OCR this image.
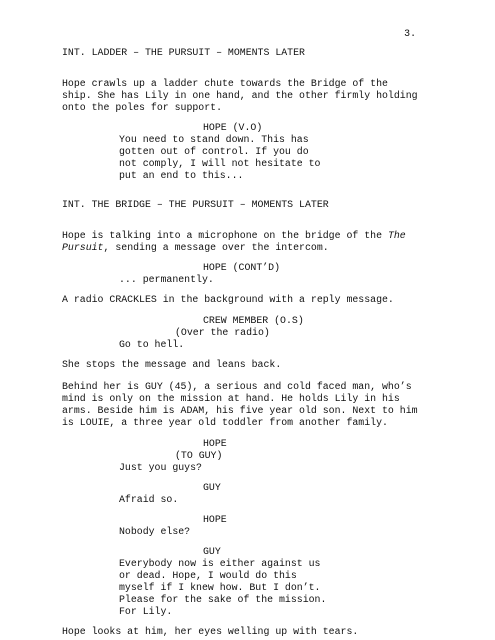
3.
INT. LADDER – THE PURSUIT – MOMENTS LATER
Hope crawls up a ladder chute towards the Bridge of the
ship. She has Lily in one hand, and the other firmly holding
onto the poles for support.
HOPE (V.O)
You need to stand down. This has
gotten out of control. If you do
not comply, I will not hesitate to
put an end to this...
INT. THE BRIDGE – THE PURSUIT – MOMENTS LATER
Hope is talking into a microphone on the bridge of the The
Pursuit, sending a message over the intercom.
HOPE (CONT’D)
... permanently.
A radio CRACKLES in the background with a reply message.
CREW MEMBER (O.S)
(Over the radio)
Go to hell.
She stops the message and leans back.
Behind her is GUY (45), a serious and cold faced man, who’s
mind is only on the mission at hand. He holds Lily in his
arms. Beside him is ADAM, his five year old son. Next to him
is LOUIE, a three year old toddler from another family.
HOPE
(TO GUY)
Just you guys?
GUY
Afraid so.
HOPE
Nobody else?
GUY
Everybody now is either against us
or dead. Hope, I would do this
myself if I knew how. But I don’t.
Please for the sake of the mission.
For Lily.
Hope looks at him, her eyes welling up with tears.
